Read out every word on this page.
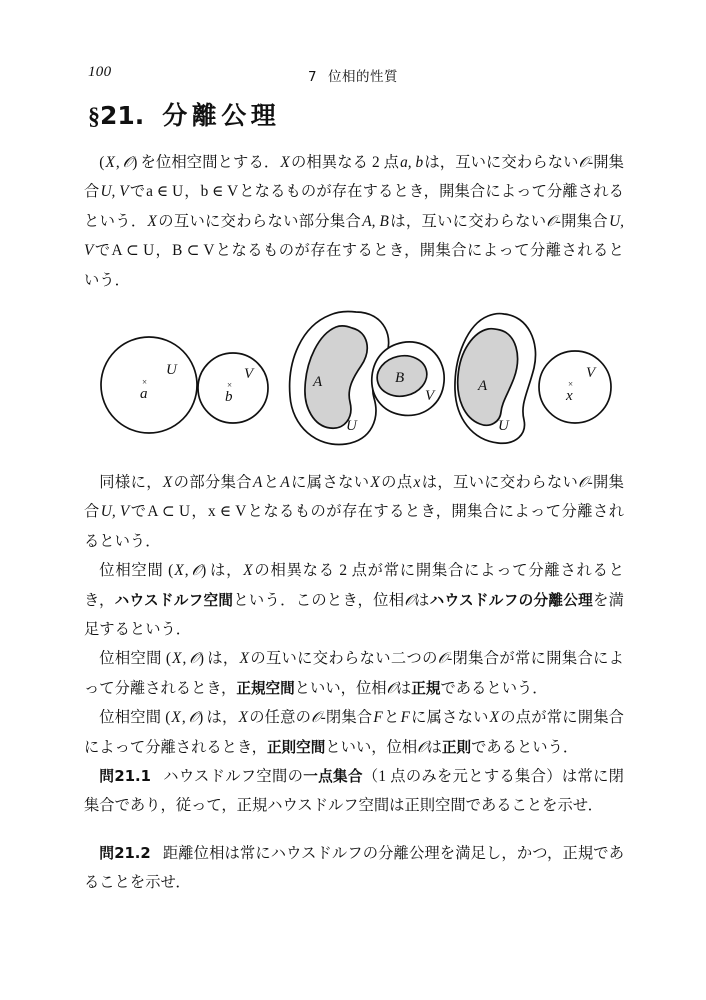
100	7 位相的性質
§21. 分離公理

(X, 𝒪) を位相空間とする．Xの相異なる 2 点a, bは，互いに交わらない𝒪-開集合U, Vでa ∈ U，b ∈ Vとなるものが存在するとき，開集合によって分離されるという．Xの互いに交わらない部分集合A, Bは，互いに交わらない𝒪-開集合U, VでA ⊂ U，B ⊂ Vとなるものが存在するとき，開集合によって分離されるという．

U
×
a
V
×
b
A
U
B
V
A
U
V
×
x

同様に，Xの部分集合AとAに属さないXの点xは，互いに交わらない𝒪-開集合U, VでA ⊂ U，x ∈ Vとなるものが存在するとき，開集合によって分離されるという．

位相空間 (X, 𝒪) は，Xの相異なる 2 点が常に開集合によって分離されるとき，ハウスドルフ空間という．このとき，位相𝒪はハウスドルフの分離公理を満足するという．

位相空間 (X, 𝒪) は，Xの互いに交わらない二つの𝒪-閉集合が常に開集合によって分離されるとき，正規空間といい，位相𝒪は正規であるという．

位相空間 (X, 𝒪) は，Xの任意の𝒪-閉集合FとFに属さないXの点が常に開集合によって分離されるとき，正則空間といい，位相𝒪は正則であるという．

問21.1 ハウスドルフ空間の一点集合（1 点のみを元とする集合）は常に閉集合であり，従って，正規ハウスドルフ空間は正則空間であることを示せ．

問21.2 距離位相は常にハウスドルフの分離公理を満足し，かつ，正規であることを示せ．
